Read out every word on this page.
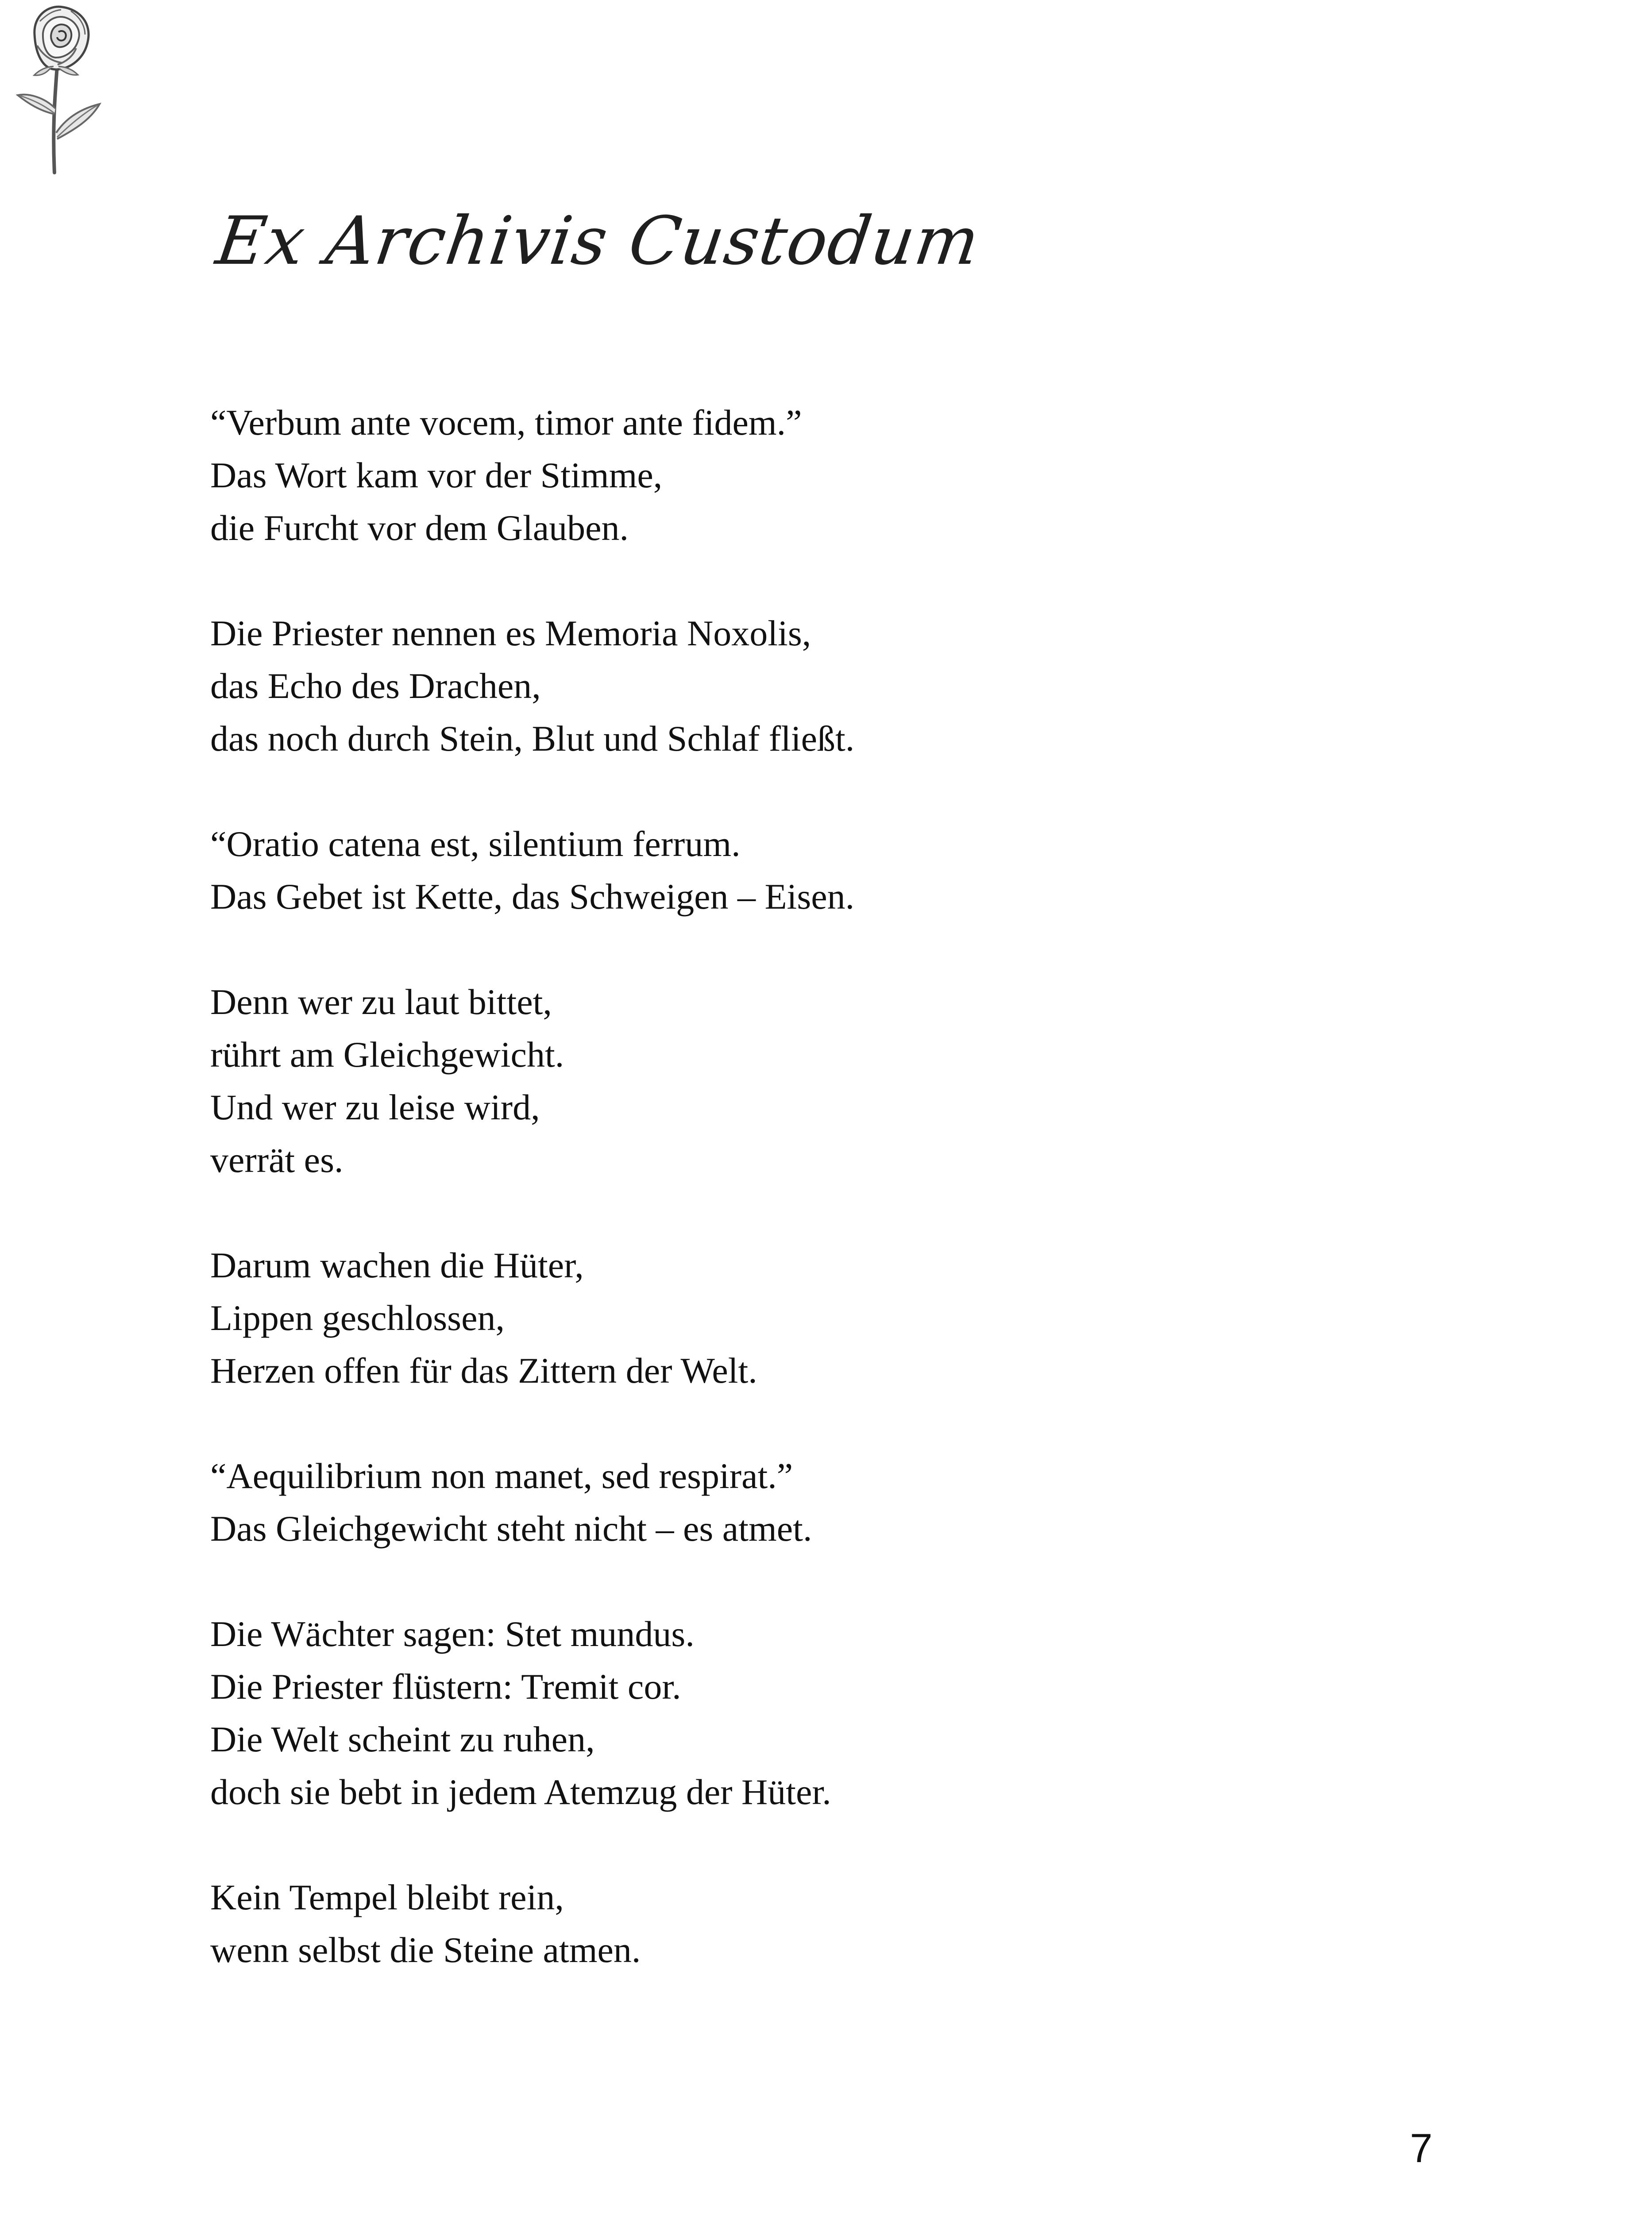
Ex Archivis Custodum
“Verbum ante vocem, timor ante fidem.”
Das Wort kam vor der Stimme,
die Furcht vor dem Glauben.
Die Priester nennen es Memoria Noxolis,
das Echo des Drachen,
das noch durch Stein, Blut und Schlaf fließt.
“Oratio catena est, silentium ferrum.
Das Gebet ist Kette, das Schweigen – Eisen.
Denn wer zu laut bittet,
rührt am Gleichgewicht.
Und wer zu leise wird,
verrät es.
Darum wachen die Hüter,
Lippen geschlossen,
Herzen offen für das Zittern der Welt.
“Aequilibrium non manet, sed respirat.”
Das Gleichgewicht steht nicht – es atmet.
Die Wächter sagen: Stet mundus.
Die Priester flüstern: Tremit cor.
Die Welt scheint zu ruhen,
doch sie bebt in jedem Atemzug der Hüter.
Kein Tempel bleibt rein,
wenn selbst die Steine atmen.
7
